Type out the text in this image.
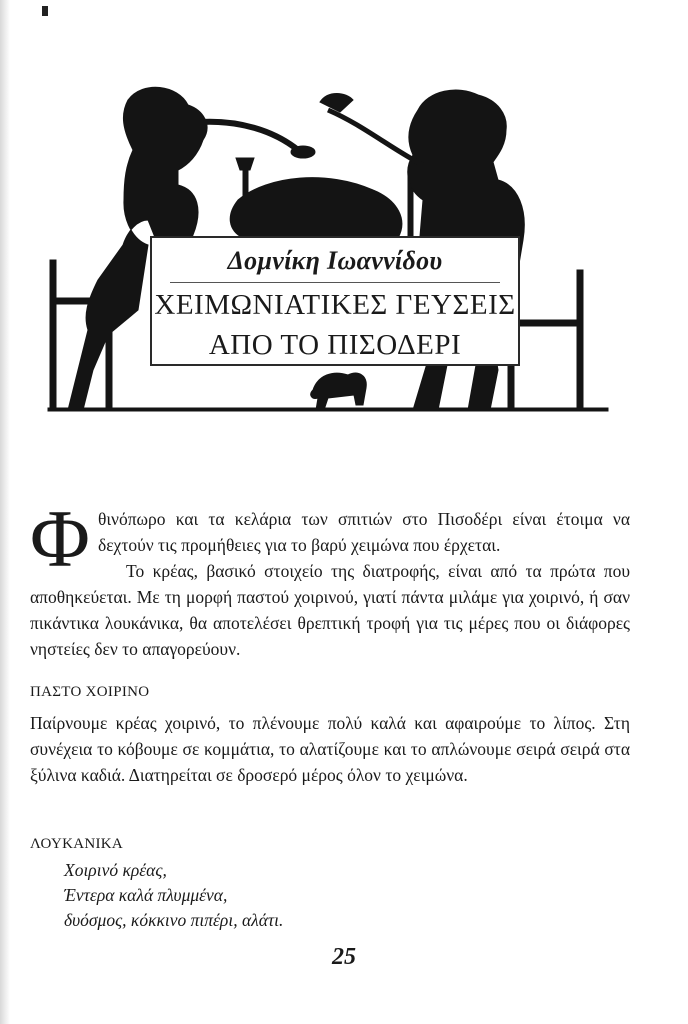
Δομνίκη Ιωαννίδου
ΧΕΙΜΩΝΙΑΤΙΚΕΣ ΓΕΥΣΕΙΣ
ΑΠΟ ΤΟ ΠΙΣΟΔΕΡΙ
Φ θινόπωρο και τα κελάρια των σπιτιών στο Πισοδέρι είναι έτοιμα να δεχτούν τις προμήθειες για το βαρύ χειμώνα που έρχεται.

Το κρέας, βασικό στοιχείο της διατροφής, είναι από τα πρώτα που αποθηκεύεται. Με τη μορφή παστού χοιρινού, γιατί πάντα μιλάμε για χοιρινό, ή σαν πικάντικα λουκάνικα, θα αποτελέσει θρεπτική τροφή για τις μέρες που οι διάφορες νηστείες δεν το απαγορεύουν.

ΠΑΣΤΟ ΧΟΙΡΙΝΟ
Παίρνουμε κρέας χοιρινό, το πλένουμε πολύ καλά και αφαιρούμε το λίπος. Στη συνέχεια το κόβουμε σε κομμάτια, το αλατίζουμε και το απλώνουμε σειρά σειρά στα ξύλινα καδιά. Διατηρείται σε δροσερό μέρος όλον το χειμώνα.
ΛΟΥΚΑΝΙΚΑ
Χοιρινό κρέας,
Έντερα καλά πλυμμένα,
δυόσμος, κόκκινο πιπέρι, αλάτι.
25
